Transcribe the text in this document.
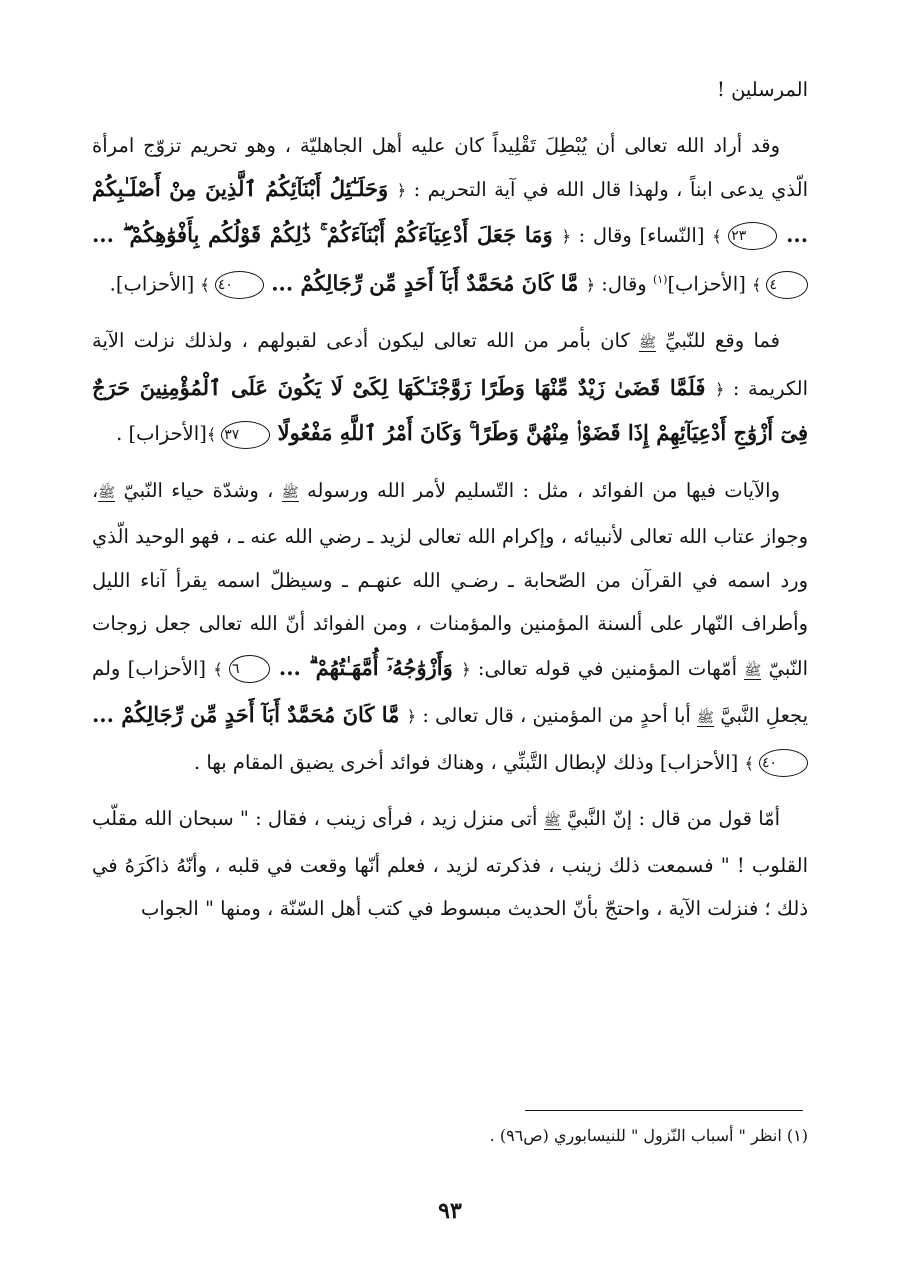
المرسلين !

وقد أراد الله تعالى أن يُبْطِلَ تَقْلِيداً كان عليه أهل الجاهليّة ، وهو تحريم تزوّج امرأة الّذي يدعى ابناً ، ولهذا قال الله في آية التحريم : ﴿ وَحَلَـٰٓئِلُ أَبْنَآئِكُمُ ٱلَّذِينَ مِنْ أَصْلَـٰبِكُمْ ... ٢٣ ﴾ [النّساء] وقال : ﴿ وَمَا جَعَلَ أَدْعِيَآءَكُمْ أَبْنَآءَكُمْ ۚ ذَٰلِكُمْ قَوْلُكُم بِأَفْوَٰهِكُمْ ۖ ... ٤ ﴾ [الأحزاب]$^{(١)}$ وقال: ﴿ مَّا كَانَ مُحَمَّدٌ أَبَآ أَحَدٍ مِّن رِّجَالِكُمْ ... ٤٠ ﴾ [الأحزاب].

فما وقع للنّبيِّ ﷺ كان بأمر من الله تعالى ليكون أدعى لقبولهم ، ولذلك نزلت الآية الكريمة : ﴿ فَلَمَّا قَضَىٰ زَيْدٌ مِّنْهَا وَطَرًا زَوَّجْنَـٰكَهَا لِكَىْ لَا يَكُونَ عَلَى ٱلْمُؤْمِنِينَ حَرَجٌ فِىٓ أَزْوَٰجِ أَدْعِيَآئِهِمْ إِذَا قَضَوْا۟ مِنْهُنَّ وَطَرًا ۚ وَكَانَ أَمْرُ ٱللَّهِ مَفْعُولًا ٣٧ ﴾[الأحزاب] .

والآيات فيها من الفوائد ، مثل : التّسليم لأمر الله ورسوله ﷺ ، وشدّة حياء النّبيّ ﷺ، وجواز عتاب الله تعالى لأنبيائه ، وإكرام الله تعالى لزيد ـ رضي الله عنه ـ ، فهو الوحيد الّذي ورد اسمه في القرآن من الصّحابة ـ رضـي الله عنهـم ـ وسيظلّ اسمه يقرأ آناء الليل وأطراف النّهار على ألسنة المؤمنين والمؤمنات ، ومن الفوائد أنّ الله تعالى جعل زوجات النّبيّ ﷺ أمّهات المؤمنين في قوله تعالى: ﴿ وَأَزْوَٰجُهُۥٓ أُمَّهَـٰتُهُمْ ۗ ... ٦ ﴾ [الأحزاب] ولم يجعلِ النَّبيَّ ﷺ أبا أحدٍ من المؤمنين ، قال تعالى : ﴿ مَّا كَانَ مُحَمَّدٌ أَبَآ أَحَدٍ مِّن رِّجَالِكُمْ ... ٤٠ ﴾ [الأحزاب] وذلك لإبطال التَّبنِّي ، وهناك فوائد أخرى يضيق المقام بها .

أمّا قول من قال : إنّ النَّبيَّ ﷺ أتى منزل زيد ، فرأى زينب ، فقال : " سبحان الله مقلّب القلوب ! " فسمعت ذلك زينب ، فذكرته لزيد ، فعلم أنّها وقعت في قلبه ، وأنّهُ ذاكَرَهُ في ذلك ؛ فنزلت الآية ، واحتجّ بأنّ الحديث مبسوط في كتب أهل السّنّة ، ومنها " الجواب

(١) انظر " أسباب النّزول " للنيسابوري (ص٩٦) .
٩٣
